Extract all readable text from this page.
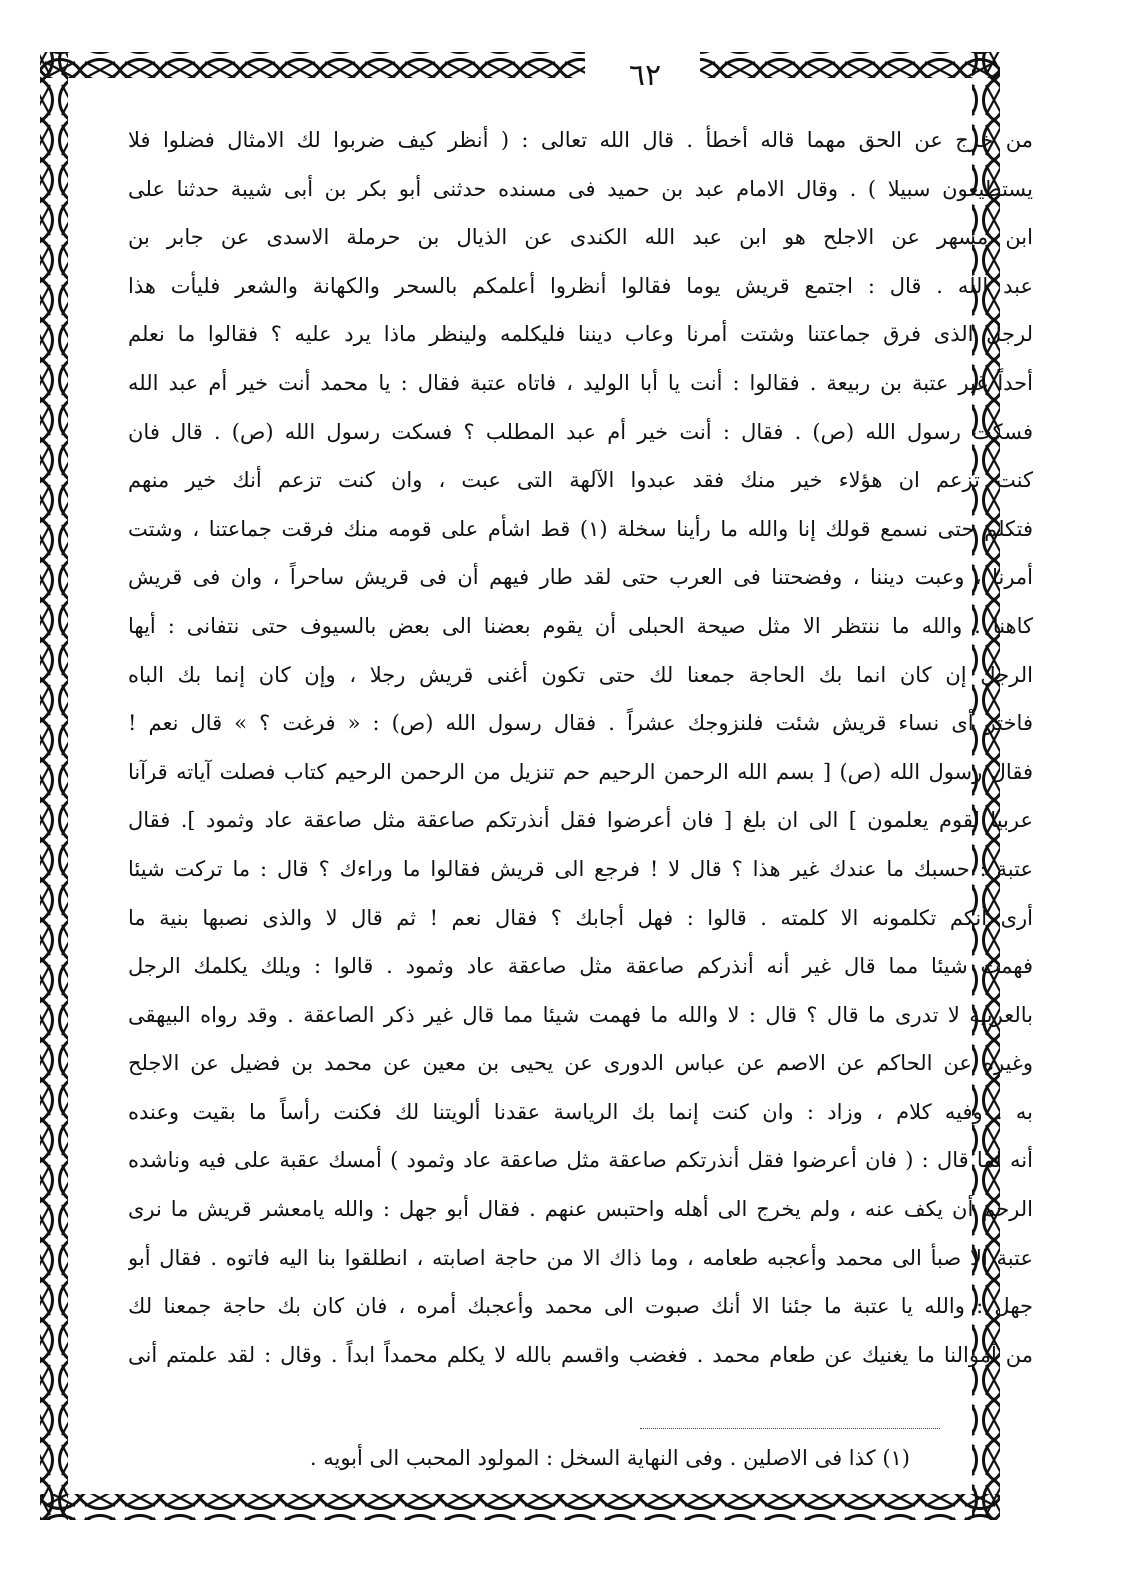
٦٢
من خرج عن الحق مهما قاله أخطأ . قال الله تعالى : ( أنظر كيف ضربوا لك الامثال فضلوا فلا
يستطيعون سبيلا ) . وقال الامام عبد بن حميد فى مسنده حدثنى أبو بكر بن أبى شيبة حدثنا على
ابن مسهر عن الاجلح هو ابن عبد الله الكندى عن الذيال بن حرملة الاسدى عن جابر بن
عبد الله . قال : اجتمع قريش يوما فقالوا أنظروا أعلمكم بالسحر والكهانة والشعر فليأت هذا
لرجل الذى فرق جماعتنا وشتت أمرنا وعاب ديننا فليكلمه ولينظر ماذا يرد عليه ؟ فقالوا ما نعلم
أحداً غير عتبة بن ربيعة . فقالوا : أنت يا أبا الوليد ، فاتاه عتبة فقال : يا محمد أنت خير أم عبد الله
فسكت رسول الله (ص) . فقال : أنت خير أم عبد المطلب ؟ فسكت رسول الله (ص) . قال فان
كنت تزعم ان هؤلاء خير منك فقد عبدوا الآلهة التى عبت ، وان كنت تزعم أنك خير منهم
فتكلم حتى نسمع قولك إنا والله ما رأينا سخلة (١) قط اشأم على قومه منك فرقت جماعتنا ، وشتت
أمرنا ، وعبت ديننا ، وفضحتنا فى العرب حتى لقد طار فيهم أن فى قريش ساحراً ، وان فى قريش
كاهنا . والله ما ننتظر الا مثل صيحة الحبلى أن يقوم بعضنا الى بعض بالسيوف حتى نتفانى : أيها
الرجل إن كان انما بك الحاجة جمعنا لك حتى تكون أغنى قريش رجلا ، وإن كان إنما بك الباه
فاختر أى نساء قريش شئت فلنزوجك عشراً . فقال رسول الله (ص) : « فرغت ؟ » قال نعم !
فقال رسول الله (ص) [ بسم الله الرحمن الرحيم حم تنزيل من الرحمن الرحيم كتاب فصلت آياته قرآنا
عربيا لقوم يعلمون ] الى ان بلغ [ فان أعرضوا فقل أنذرتكم صاعقة مثل صاعقة عاد وثمود ]. فقال
عتبة : حسبك ما عندك غير هذا ؟ قال لا ! فرجع الى قريش فقالوا ما وراءك ؟ قال : ما تركت شيئا
أرى أنكم تكلمونه الا كلمته . قالوا : فهل أجابك ؟ فقال نعم ! ثم قال لا والذى نصبها بنية ما
فهمت شيئا مما قال غير أنه أنذركم صاعقة مثل صاعقة عاد وثمود . قالوا : ويلك يكلمك الرجل
بالعربية لا تدرى ما قال ؟ قال : لا والله ما فهمت شيئا مما قال غير ذكر الصاعقة . وقد رواه البيهقى
وغيره عن الحاكم عن الاصم عن عباس الدورى عن يحيى بن معين عن محمد بن فضيل عن الاجلح
به . وفيه كلام ، وزاد : وان كنت إنما بك الرياسة عقدنا ألويتنا لك فكنت رأساً ما بقيت وعنده
أنه لما قال : ( فان أعرضوا فقل أنذرتكم صاعقة مثل صاعقة عاد وثمود ) أمسك عقبة على فيه وناشده
الرحم أن يكف عنه ، ولم يخرج الى أهله واحتبس عنهم . فقال أبو جهل : والله يامعشر قريش ما نرى
عتبة الا صبأ الى محمد وأعجبه طعامه ، وما ذاك الا من حاجة اصابته ، انطلقوا بنا اليه فاتوه . فقال أبو
جهل : والله يا عتبة ما جئنا الا أنك صبوت الى محمد وأعجبك أمره ، فان كان بك حاجة جمعنا لك
من أموالنا ما يغنيك عن طعام محمد . فغضب واقسم بالله لا يكلم محمداً ابداً . وقال : لقد علمتم أنى
(١) كذا فى الاصلين . وفى النهاية السخل : المولود المحبب الى أبويه .
